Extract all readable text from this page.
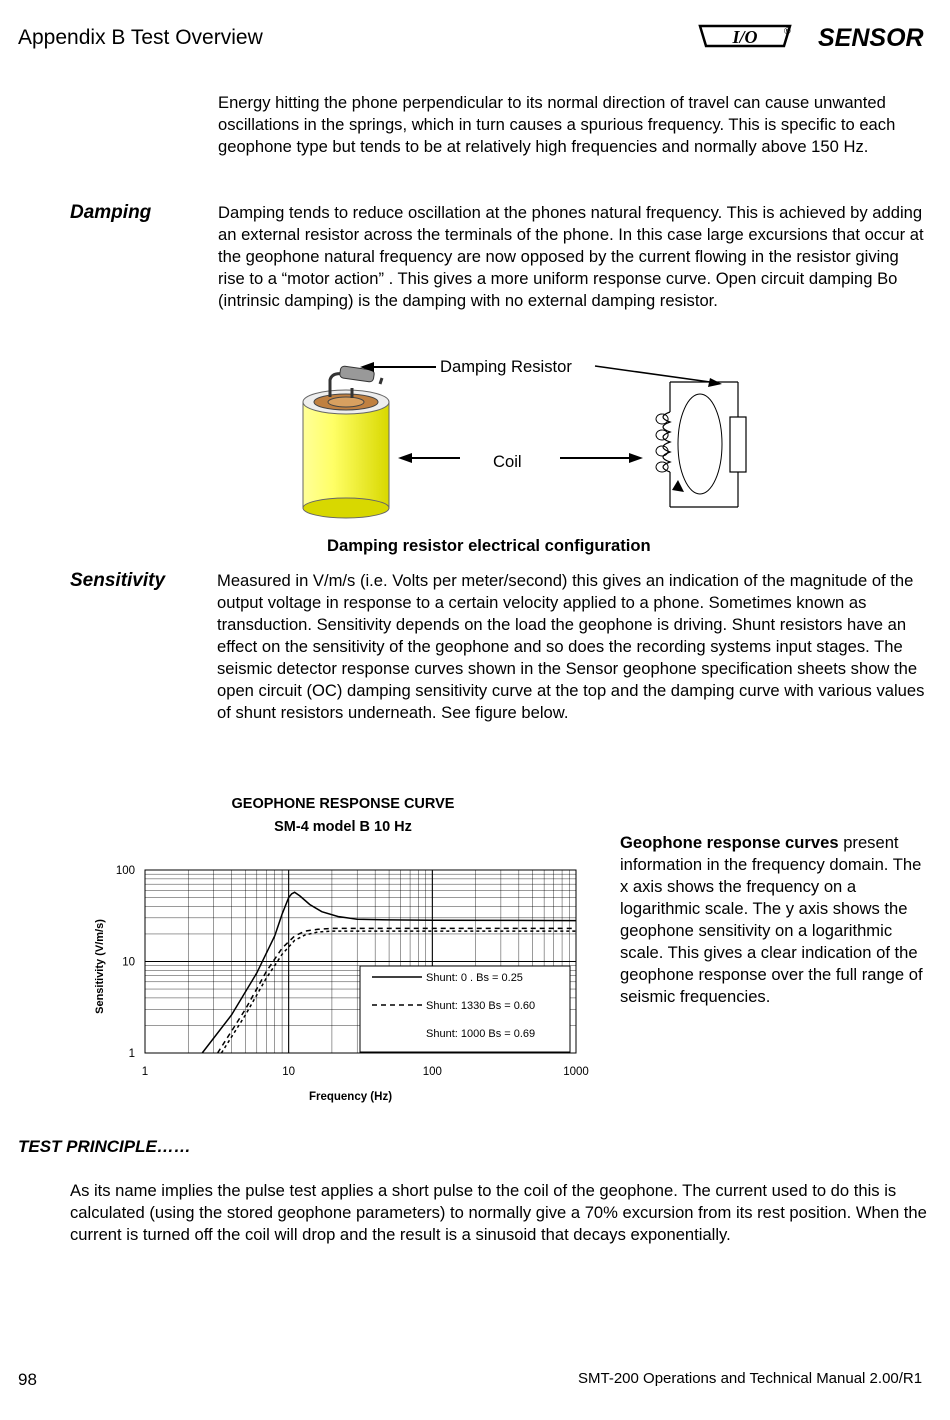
Appendix B Test Overview	I/O	® SENSOR

Energy hitting the phone perpendicular to its normal direction of travel can cause unwanted oscillations in the springs, which in turn causes a spurious frequency. This is specific to each geophone type but tends to be at relatively high frequencies and normally above 150 Hz.

Damping	Damping tends to reduce oscillation at the phones natural frequency. This is achieved by adding an external resistor across the terminals of the phone. In this case large excursions that occur at the geophone natural frequency are now opposed by the current flowing in the resistor giving rise to a “motor action” . This gives a more uniform response curve. Open circuit damping Bo (intrinsic damping) is the damping with no external damping resistor.

Damping Resistor
Coil
Damping resistor electrical configuration
Sensitivity	Measured in V/m/s (i.e. Volts per meter/second) this gives an indication of the magnitude of the output voltage in response to a certain velocity applied to a phone. Sometimes known as transduction. Sensitivity depends on the load the geophone is driving. Shunt resistors have an effect on the sensitivity of the geophone and so does the recording systems input stages. The seismic detector response curves shown in the Sensor geophone specification sheets show the open circuit (OC) damping sensitivity curve at the top and the damping curve with various values of shunt resistors underneath. See figure below.

GEOPHONE RESPONSE CURVE
SM-4 model B 10 Hz
1	10	100	1000
1
10
100
Frequency (Hz)
Sensitivity (V/m/s)	Shunt: 0 . Bs = 0.25
Shunt: 1330 Bs = 0.60
Shunt: 1000 Bs = 0.69

Geophone response curves present information in the frequency domain. The x axis shows the frequency on a logarithmic scale. The y axis shows the geophone sensitivity on a logarithmic scale. This gives a clear indication of the geophone response over the full range of seismic frequencies.

TEST PRINCIPLE……

As its name implies the pulse test applies a short pulse to the coil of the geophone. The current used to do this is calculated (using the stored geophone parameters) to normally give a 70% excursion from its rest position. When the current is turned off the coil will drop and the result is a sinusoid that decays exponentially.

98	SMT-200 Operations and Technical Manual 2.00/R1
